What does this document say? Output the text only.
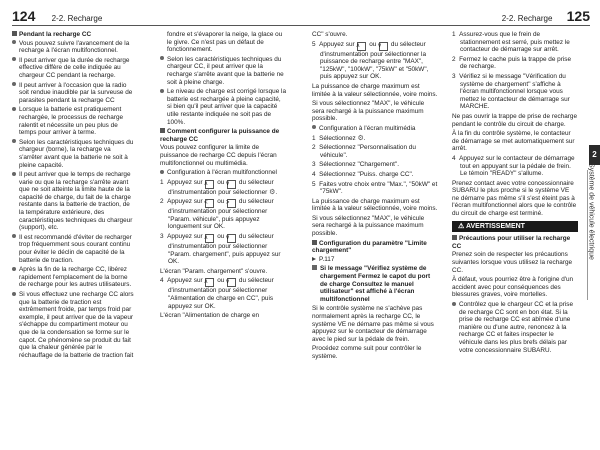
124 2-2. Recharge	2-2. Recharge 125
Pendant la recharge CC
Vous pouvez suivre l'avancement de la recharge à l'écran multifonctionnel.
Il peut arriver que la durée de recharge effective diffère de celle indiquée au chargeur CC pendant la recharge.
Il peut arriver à l'occasion que la radio soit rendue inaudible par la surveuse de parasites pendant la recharge CC
Lorsque la batterie est pratiquement rechargée, le processus de recharge ralentit et nécessite un peu plus de temps pour arriver à terme.
Selon les caractéristiques techniques du chargeur (borne), la recharge va s'arrêter avant que la batterie ne soit à pleine capacité.
Il peut arriver que le temps de recharge varie ou que la recharge s'arrête avant que ne soit atteinte la limite haute de la capacité de charge, du fait de la charge restante dans la batterie de traction, de la température extérieure, des caractéristiques techniques du chargeur (support), etc.
Il est recommandé d'éviter de recharger trop fréquemment sous courant continu pour éviter le déclin de capacité de la batterie de traction.
Après la fin de la recharge CC, libérez rapidement l'emplacement de la borne de recharge pour les autres utilisateurs.
Si vous effectuez une recharge CC alors que la batterie de traction est extrêmement froide, par temps froid par exemple, il peut arriver que de la vapeur s'échappe du compartiment moteur ou que de la condensation se forme sur le capot. Ce phénomène se produit du fait que la chaleur générée par le réchauffage de la batterie de traction fait
fondre et s'évaporer la neige, la glace ou le givre. Ce n'est pas un défaut de fonctionnement.
Selon les caractéristiques techniques du chargeur CC, il peut arriver que la recharge s'arrête avant que la batterie ne soit à pleine charge.
Le niveau de charge est corrigé lorsque la batterie est rechargée à pleine capacité, si bien qu'il peut arriver que la capacité utile restante indiquée ne soit pas de 100%.
Comment configurer la puissance de recharge CC
Vous pouvez configurer la limite de puissance de recharge CC depuis l'écran multifonctionnel ou multimédia.
Configuration à l'écran multifonctionnel
1 Appuyez sur ∧ ou ∨ du sélecteur d'instrumentation pour sélectionner ⚙.
2 Appuyez sur < ou > du sélecteur d'instrumentation pour sélectionner "Param. véhicule", puis appuyez longuement sur OK.
3 Appuyez sur ∧ ou ∨ du sélecteur d'instrumentation pour sélectionner "Param. chargement", puis appuyez sur OK.
L'écran "Param. chargement" s'ouvre.
4 Appuyez sur ∧ ou ∨ du sélecteur d'instrumentation pour sélectionner "Alimentation de charge en CC", puis appuyez sur OK.
L'écran "Alimentation de charge en
CC" s'ouvre.
5 Appuyez sur ∧ ou ∨ du sélecteur d'instrumentation pour sélectionner la puissance de recharge entre "MAX", "125kW", "100kW", "75kW" et "50kW", puis appuyez sur OK.
La puissance de charge maximum est limitée à la valeur sélectionnée, voire moins.
Si vous sélectionnez "MAX", le véhicule sera rechargé à la puissance maximum possible.
Configuration à l'écran multimédia
1 Sélectionnez ⚙.
2 Sélectionnez "Personnalisation du véhicule".
3 Sélectionnez "Chargement".
4 Sélectionnez "Puiss. charge CC".
5 Faites votre choix entre "Max.", "50kW" et "75kW".
La puissance de charge maximum est limitée à la valeur sélectionnée, voire moins.
Si vous sélectionnez "MAX", le véhicule sera rechargé à la puissance maximum possible.
Configuration du paramètre "Limite chargement"
P.117
Si le message "Vérifiez système de chargement Fermez le capot du port de charge Consultez le manuel utilisateur" est affiché à l'écran multifonctionnel
Si le contrôle système ne s'achève pas normalement après la recharge CC, le système VE ne démarre pas même si vous appuyez sur le contacteur de démarrage avec le pied sur la pédale de frein.
Procédez comme suit pour contrôler le système.
1 Assurez-vous que le frein de stationnement est serré, puis mettez le contacteur de démarrage sur arrêt.
2 Fermez le cache puis la trappe de prise de recharge.
3 Vérifiez si le message "Vérification du système de chargement" s'affiche à l'écran multifonctionnel lorsque vous mettez le contacteur de démarrage sur MARCHE.
Ne pas ouvrir la trappe de prise de recharge pendant le contrôle du circuit de charge.
À la fin du contrôle système, le contacteur de démarrage se met automatiquement sur arrêt.
4 Appuyez sur le contacteur de démarrage tout en appuyant sur la pédale de frein. Le témoin "READY" s'allume.
Prenez contact avec votre concessionnaire SUBARU le plus proche si le système VE ne démarre pas même s'il s'est éteint pas à l'écran multifonctionnel alors que le contrôle du circuit de charge est terminé.
⚠ AVERTISSEMENT
Précautions pour utiliser la recharge CC
Prenez soin de respecter les précautions suivantes lorsque vous utilisez la recharge CC.
À défaut, vous pourriez être à l'origine d'un accident avec pour conséquences des blessures graves, voire mortelles.
Contrôlez que le chargeur CC et la prise de recharge CC sont en bon état. Si la prise de recharge CC est abîmée d'une manière ou d'une autre, renoncez à la recharge CC et faites inspecter le véhicule dans les plus brefs délais par votre concessionnaire SUBARU.
2
Système de véhicule électrique
